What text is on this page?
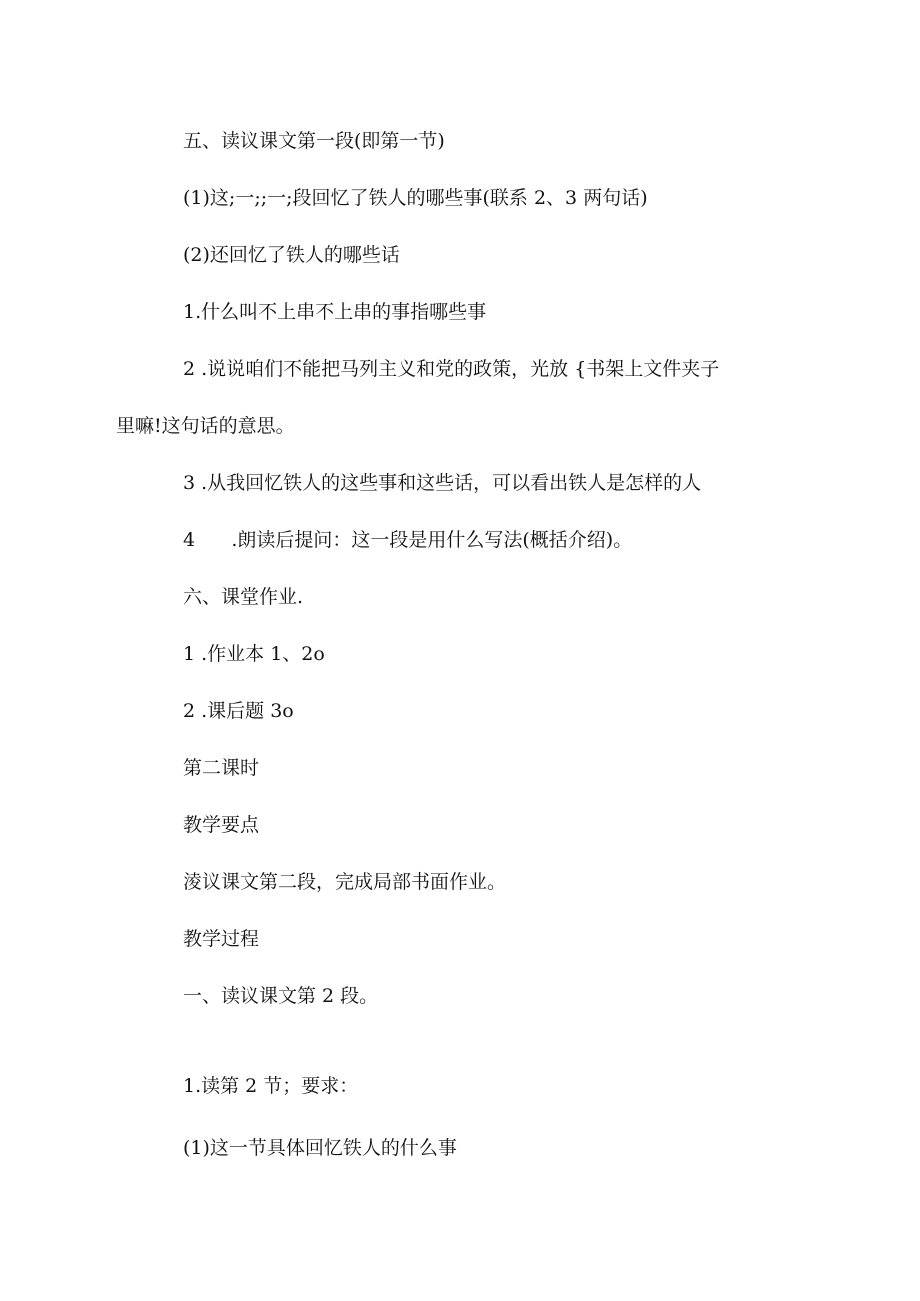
五、读议课文第一段(即第一节)

(1)这;一;;一;段回忆了铁人的哪些事(联系 2、3 两句话)

(2)还回忆了铁人的哪些话

1.什么叫不上串不上串的事指哪些事

2 .说说咱们不能把马列主义和党的政策，光放 {书架上文件夹子

里嘛!这句话的意思。

3 .从我回忆铁人的这些事和这些话，可以看出铁人是怎样的人

4      .朗读后提问：这一段是用什么写法(概括介绍)。

六、课堂作业.

1 .作业本 1、2o

2 .课后题 3o

第二课时

教学要点

淩议课文第二段，完成局部书面作业。

教学过程

一、读议课文第 2 段。

1.读第 2 节；要求：

(1)这一节具体回忆铁人的什么事
